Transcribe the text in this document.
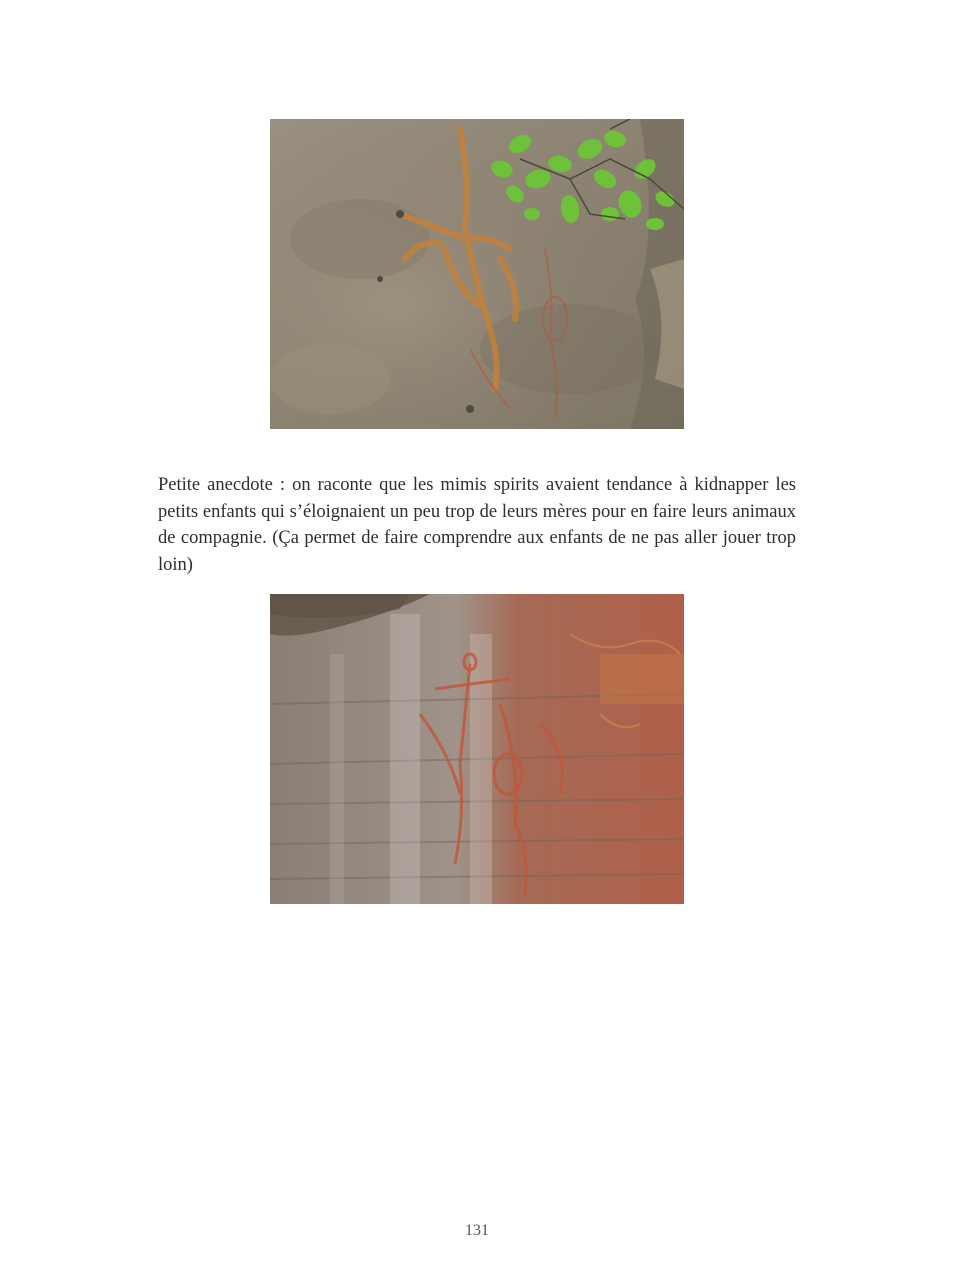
Petite anecdote : on raconte que les mimis spirits avaient tendance à kidnapper les petits enfants qui s’éloignaient un peu trop de leurs mères pour en faire leurs animaux de compagnie. (Ça permet de faire comprendre aux enfants de ne pas aller jouer trop loin)

131
